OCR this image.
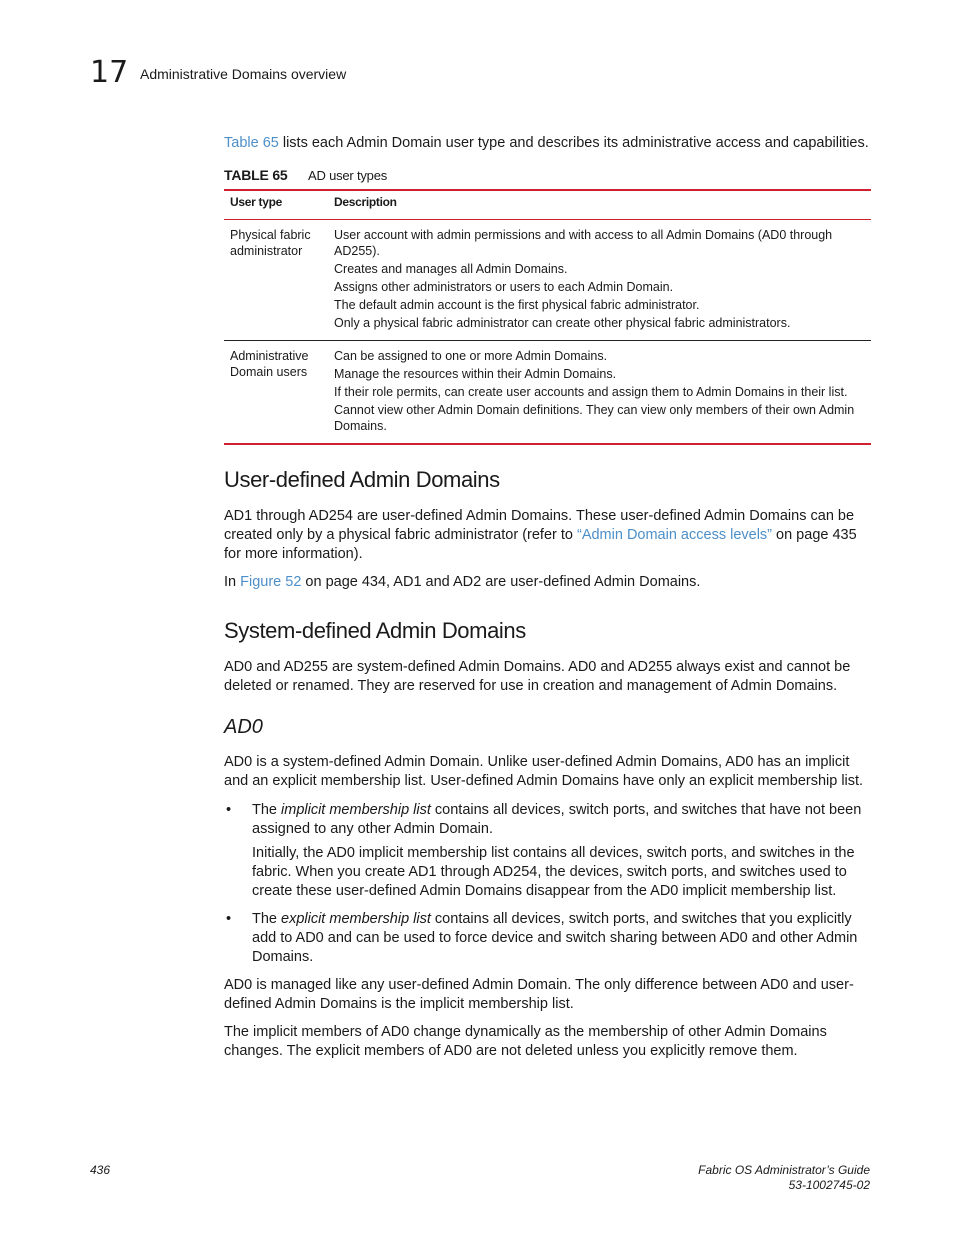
17 Administrative Domains overview

Table 65 lists each Admin Domain user type and describes its administrative access and capabilities.

TABLE 65 AD user types
User type	Description
Physical fabric administrator	User account with admin permissions and with access to all Admin Domains (AD0 through AD255).
Creates and manages all Admin Domains.
Assigns other administrators or users to each Admin Domain.
The default admin account is the first physical fabric administrator.
Only a physical fabric administrator can create other physical fabric administrators.

Administrative Domain users	Can be assigned to one or more Admin Domains.
Manage the resources within their Admin Domains.
If their role permits, can create user accounts and assign them to Admin Domains in their list.
Cannot view other Admin Domain definitions. They can view only members of their own Admin Domains.
User-defined Admin Domains

AD1 through AD254 are user-defined Admin Domains. These user-defined Admin Domains can be created only by a physical fabric administrator (refer to “Admin Domain access levels” on page 435 for more information).

In Figure 52 on page 434, AD1 and AD2 are user-defined Admin Domains.

System-defined Admin Domains

AD0 and AD255 are system-defined Admin Domains. AD0 and AD255 always exist and cannot be deleted or renamed. They are reserved for use in creation and management of Admin Domains.

AD0

AD0 is a system-defined Admin Domain. Unlike user-defined Admin Domains, AD0 has an implicit and an explicit membership list. User-defined Admin Domains have only an explicit membership list.

• The implicit membership list contains all devices, switch ports, and switches that have not been assigned to any other Admin Domain.

Initially, the AD0 implicit membership list contains all devices, switch ports, and switches in the fabric. When you create AD1 through AD254, the devices, switch ports, and switches used to create these user-defined Admin Domains disappear from the AD0 implicit membership list.

• The explicit membership list contains all devices, switch ports, and switches that you explicitly add to AD0 and can be used to force device and switch sharing between AD0 and other Admin Domains.

AD0 is managed like any user-defined Admin Domain. The only difference between AD0 and user-defined Admin Domains is the implicit membership list.

The implicit members of AD0 change dynamically as the membership of other Admin Domains changes. The explicit members of AD0 are not deleted unless you explicitly remove them.

436	Fabric OS Administrator’s Guide
53-1002745-02
